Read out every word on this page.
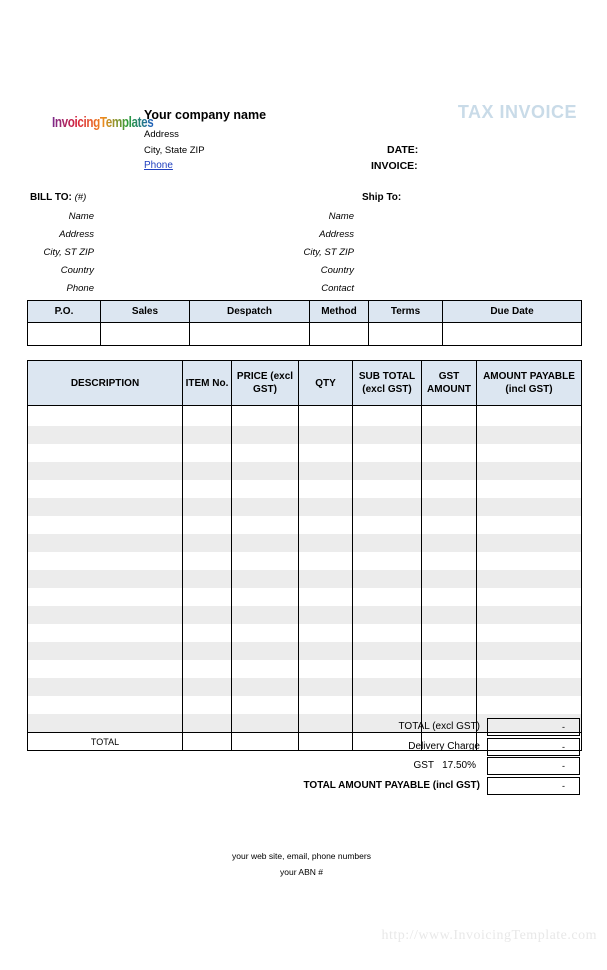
InvoicingTemplates
Your company name
Address
City, State ZIP
Phone
TAX INVOICE
DATE:
INVOICE:
BILL TO: (#)
Name
Address
City, ST ZIP
Country
Phone
Ship To:
Name
Address
City, ST ZIP
Country
Contact
P.O.	Sales	Despatch	Method	Terms	Due Date

DESCRIPTION	ITEM No.	PRICE (excl GST)	QTY	SUB TOTAL (excl GST)	GST AMOUNT	AMOUNT PAYABLE (incl GST)

TOTAL						
TOTAL (excl GST)	-
Delivery Charge	-
GST 17.50%	-
TOTAL AMOUNT PAYABLE (incl GST)	-
your web site, email, phone numbers
your ABN #
http://www.InvoicingTemplate.com
